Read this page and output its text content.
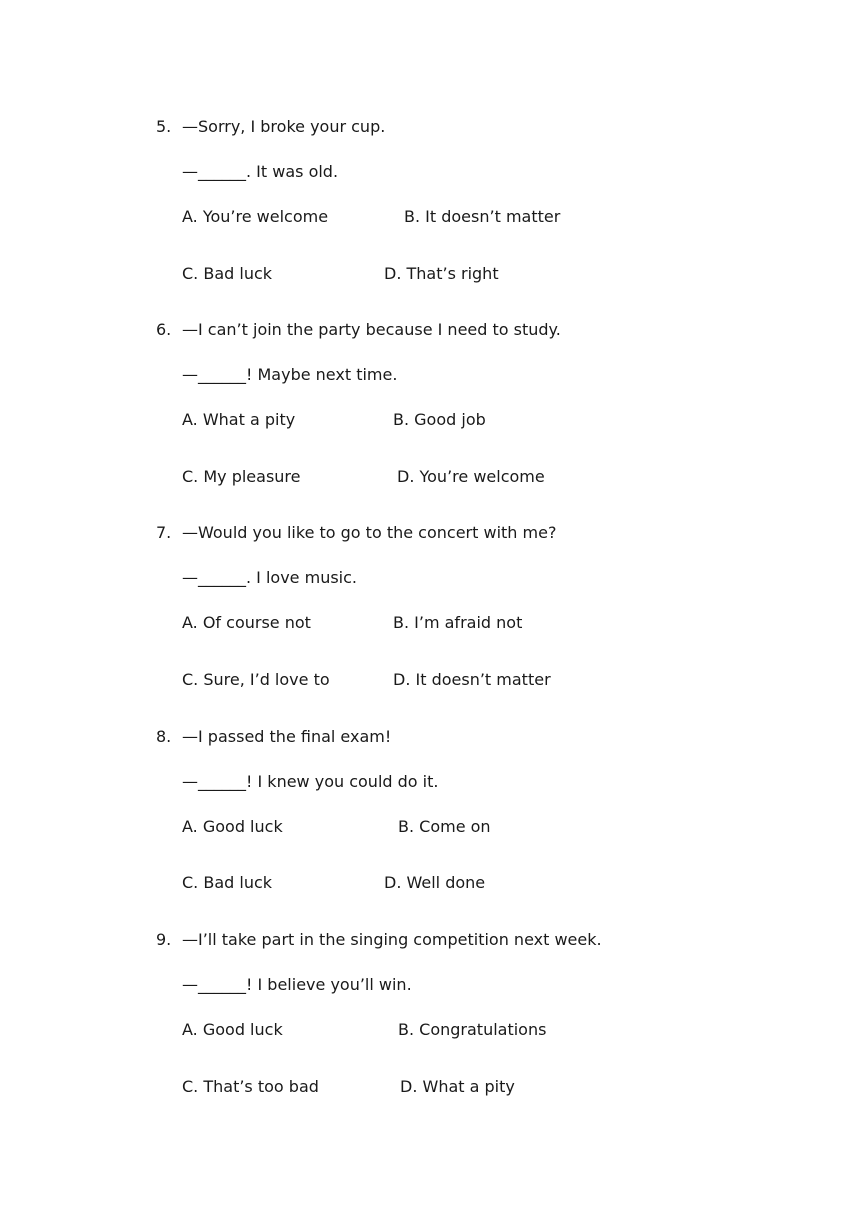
5. —Sorry, I broke your cup.
—______. It was old.
A. You’re welcome	B. It doesn’t matter
C. Bad luck	D. That’s right
6. —I can’t join the party because I need to study.
—______! Maybe next time.
A. What a pity	B. Good job
C. My pleasure	D. You’re welcome
7. —Would you like to go to the concert with me?
—______. I love music.
A. Of course not	B. I’m afraid not
C. Sure, I’d love to	D. It doesn’t matter
8. —I passed the final exam!
—______! I knew you could do it.
A. Good luck	B. Come on
C. Bad luck	D. Well done
9. —I’ll take part in the singing competition next week.
—______! I believe you’ll win.
A. Good luck	B. Congratulations
C. That’s too bad	D. What a pity
